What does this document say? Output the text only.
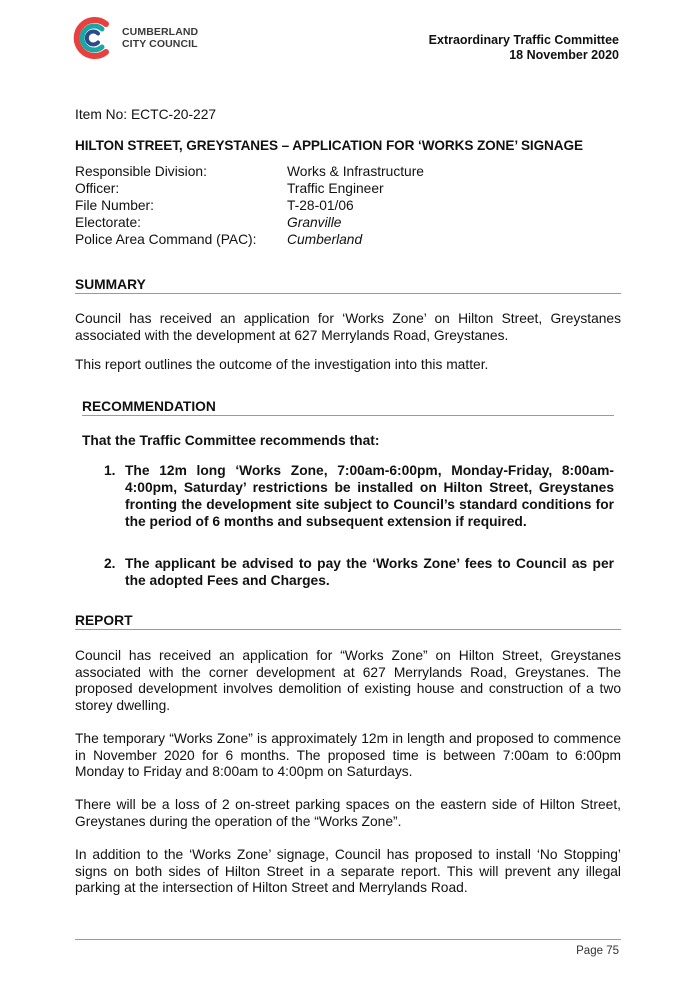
CUMBERLAND
CITY COUNCIL	Extraordinary Traffic Committee
18 November 2020
Item No: ECTC-20-227
HILTON STREET, GREYSTANES – APPLICATION FOR ‘WORKS ZONE’ SIGNAGE
Responsible Division:	Works & Infrastructure
Officer:	Traffic Engineer
File Number:	T-28-01/06
Electorate:	Granville
Police Area Command (PAC):	Cumberland
SUMMARY
Council has received an application for ‘Works Zone’ on Hilton Street, Greystanes associated with the development at 627 Merrylands Road, Greystanes.
This report outlines the outcome of the investigation into this matter.
RECOMMENDATION
That the Traffic Committee recommends that:
1. The 12m long ‘Works Zone, 7:00am-6:00pm, Monday-Friday, 8:00am-4:00pm, Saturday’ restrictions be installed on Hilton Street, Greystanes fronting the development site subject to Council’s standard conditions for the period of 6 months and subsequent extension if required.
2. The applicant be advised to pay the ‘Works Zone’ fees to Council as per the adopted Fees and Charges.
REPORT
Council has received an application for “Works Zone” on Hilton Street, Greystanes associated with the corner development at 627 Merrylands Road, Greystanes. The proposed development involves demolition of existing house and construction of a two storey dwelling.
The temporary “Works Zone” is approximately 12m in length and proposed to commence in November 2020 for 6 months. The proposed time is between 7:00am to 6:00pm Monday to Friday and 8:00am to 4:00pm on Saturdays.
There will be a loss of 2 on-street parking spaces on the eastern side of Hilton Street, Greystanes during the operation of the “Works Zone”.
In addition to the ‘Works Zone’ signage, Council has proposed to install ‘No Stopping’ signs on both sides of Hilton Street in a separate report. This will prevent any illegal parking at the intersection of Hilton Street and Merrylands Road.
Page 75
